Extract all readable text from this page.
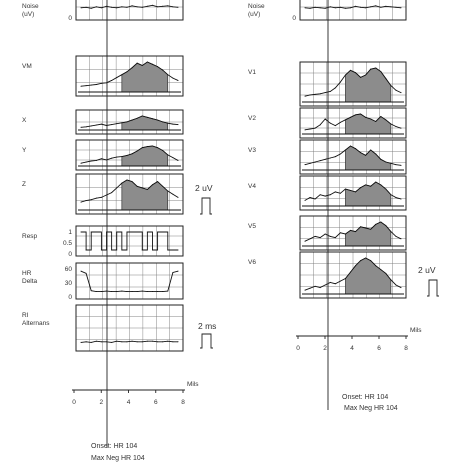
0	2	4	6	8
Mils
0	2	4	6	8
Mils
Noise
(uV)
0
VM
X
Y
Z
Resp
1
0.5
0
HR
Delta
60
30
0
RI
Alternans
Noise
(uV)
0
V1
V2
V3
V4
V5
V6
2 uV
2 ms
2 uV
Onset: HR 104
Max Neg HR 104
Onset: HR 104
Max Neg HR 104
